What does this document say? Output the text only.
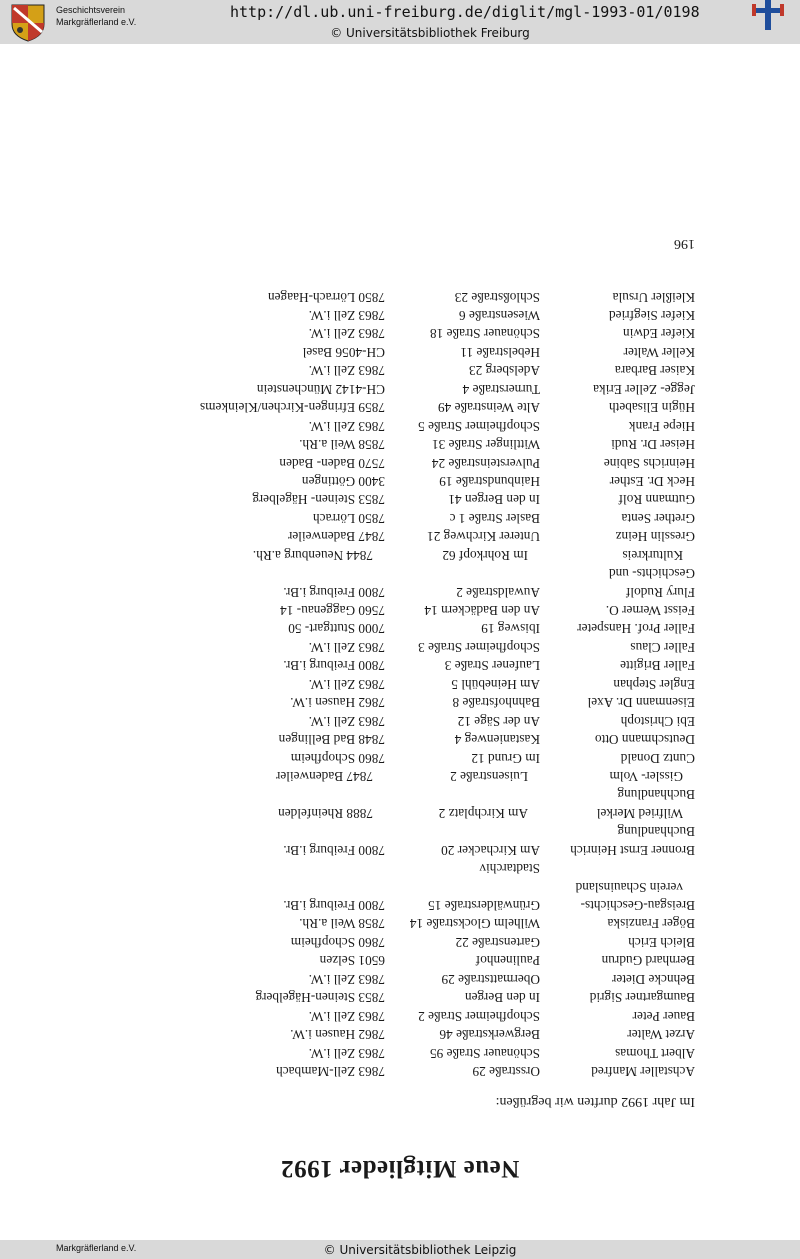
Geschichtsverein
Markgräflerland e.V.
http://dl.ub.uni-freiburg.de/diglit/mgl-1993-01/0198
© Universitätsbibliothek Freiburg
Neue Mitglieder 1992
Im Jahr 1992 durften wir begrüßen:
Achstaller Manfred
Orsstraße 29
7863 Zell-Mambach
Albert Thomas
Schönauer Straße 95
7863 Zell i.W.
Arzet Walter
Bergwerkstraße 46
7862 Hausen i.W.
Bauer Peter
Schopfheimer Straße 2
7863 Zell i.W.
Baumgartner Sigrid
In den Bergen
7853 Steinen-Hägelberg
Behncke Dieter
Obermattstraße 29
7863 Zell i.W.
Bernhard Gudrun
Paulinenhof
6501 Selzen
Bleich Erich
Gartenstraße 22
7860 Schopfheim
Böger Franziska
Wilhelm Glockstraße 14
7858 Weil a.Rh.
Breisgau-Geschichts-
Grünwälderstraße 15
7800 Freiburg i.Br.
verein Schauinsland
Stadtarchiv
Bronner Ernst Heinrich
Am Kirchacker 20
7800 Freiburg i.Br.
Buchhandlung
Wilfried Merkel
Am Kirchplatz 2
7888 Rheinfelden
Buchhandlung
Gissler- Volm
Luisenstraße 2
7847 Badenweiler
Cuntz Donald
Im Grund 12
7860 Schopfheim
Deutschmann Otto
Kastanienweg 4
7848 Bad Bellingen
Ebi Christoph
An der Säge 12
7863 Zell i.W.
Eisenmann Dr. Axel
Bahnhofstraße 8
7862 Hausen i.W.
Engler Stephan
Am Heinebühl 5
7863 Zell i.W.
Faller Brigitte
Laufener Straße 3
7800 Freiburg i.Br.
Faller Claus
Schopfheimer Straße 3
7863 Zell i.W.
Faller Prof. Hanspeter
Ibisweg 19
7000 Stuttgart- 50
Feisst Werner O.
An den Badäckern 14
7560 Gaggenau- 14
Flury Rudolf
Auwaldstraße 2
7800 Freiburg i.Br.
Geschichts- und
Kulturkreis
Im Rohrkopf 62
7844 Neuenburg a.Rh.
Gresslin Heinz
Unterer Kirchweg 21
7847 Badenweiler
Grether Senta
Basler Straße 1 c
7850 Lörrach
Gutmann Rolf
In den Bergen 41
7853 Steinen- Hägelberg
Heck Dr. Esther
Hainbundstraße 19
3400 Göttingen
Heinrichs Sabine
Pulversteinstraße 24
7570 Baden- Baden
Heiser Dr. Rudi
Wittlinger Straße 31
7858 Weil a.Rh.
Hiepe Frank
Schopfheimer Straße 5
7863 Zell i.W.
Hügin Elisabeth
Alte Weinstraße 49
7859 Efringen-Kirchen/Kleinkems
Jegge- Zeller Erika
Turnerstraße 4
CH-4142 Münchenstein
Kaiser Barbara
Adelsberg 23
7863 Zell i.W.
Keller Walter
Hebelstraße 11
CH-4056 Basel
Kiefer Edwin
Schönauer Straße 18
7863 Zell i.W.
Kiefer Siegfried
Wiesenstraße 6
7863 Zell i.W.
Kleißler Ursula
Schloßstraße 23
7850 Lörrach-Haagen
196
Markgräflerland e.V.	© Universitätsbibliothek Leipzig
